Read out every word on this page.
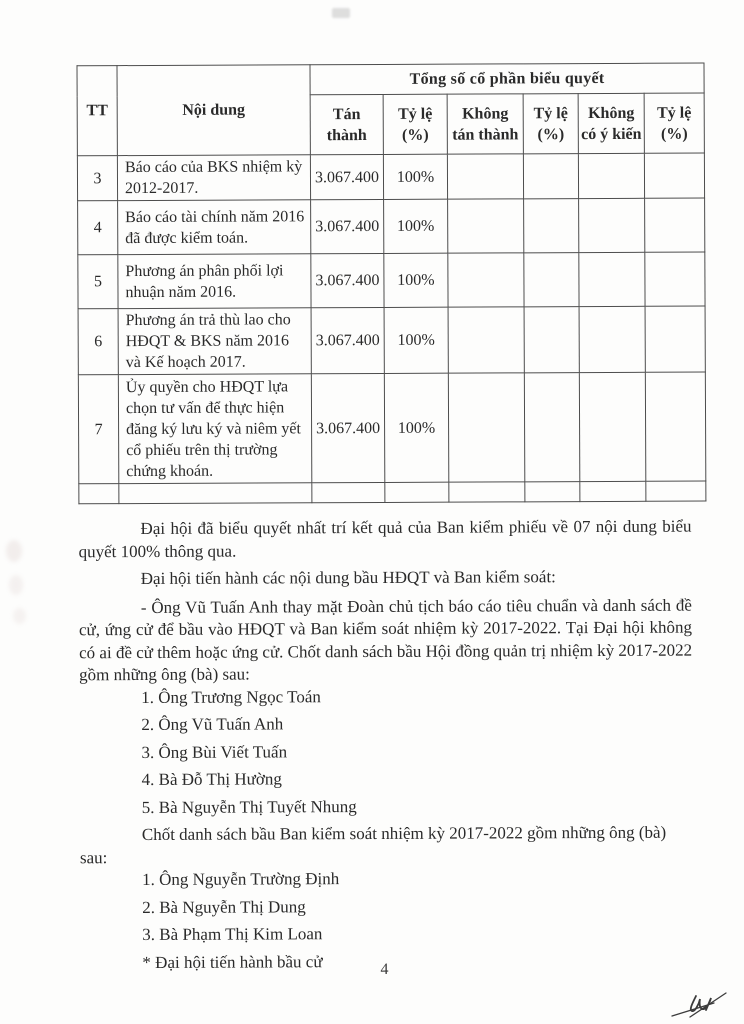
TT	Nội dung	Tổng số cổ phần biểu quyết					
		Tán thành	Tỷ lệ (%)	Không tán thành	Tỷ lệ (%)	Không có ý kiến	Tỷ lệ (%)
3	Báo cáo của BKS nhiệm kỳ 2012-2017.	3.067.400	100%				
4	Báo cáo tài chính năm 2016 đã được kiểm toán.	3.067.400	100%				
5	Phương án phân phối lợi nhuận năm 2016.	3.067.400	100%				
6	Phương án trả thù lao cho HĐQT & BKS năm 2016 và Kế hoạch 2017.	3.067.400	100%				
7	Ủy quyền cho HĐQT lựa chọn tư vấn để thực hiện đăng ký lưu ký và niêm yết cổ phiếu trên thị trường chứng khoán.	3.067.400	100%				

Đại hội đã biểu quyết nhất trí kết quả của Ban kiểm phiếu về 07 nội dung biểu quyết 100% thông qua.

Đại hội tiến hành các nội dung bầu HĐQT và Ban kiểm soát:

- Ông Vũ Tuấn Anh thay mặt Đoàn chủ tịch báo cáo tiêu chuẩn và danh sách đề cử, ứng cử để bầu vào HĐQT và Ban kiểm soát nhiệm kỳ 2017-2022. Tại Đại hội không có ai đề cử thêm hoặc ứng cử. Chốt danh sách bầu Hội đồng quản trị nhiệm kỳ 2017-2022 gồm những ông (bà) sau:

1. Ông Trương Ngọc Toán
2. Ông Vũ Tuấn Anh
3. Ông Bùi Viết Tuấn
4. Bà Đỗ Thị Hường
5. Bà Nguyễn Thị Tuyết Nhung

Chốt danh sách bầu Ban kiểm soát nhiệm kỳ 2017-2022 gồm những ông (bà) sau:

1. Ông Nguyễn Trường Định
2. Bà Nguyễn Thị Dung
3. Bà Phạm Thị Kim Loan

* Đại hội tiến hành bầu cử	4
